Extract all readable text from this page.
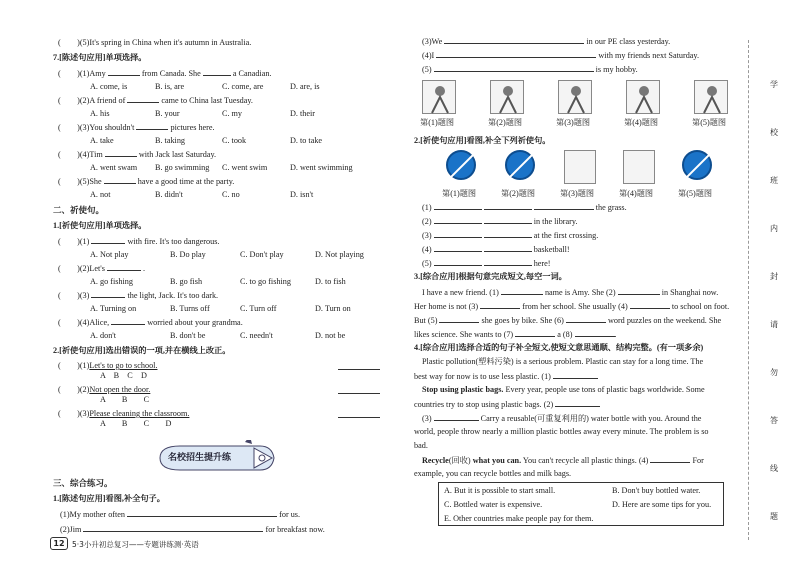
(　　)(5)It's spring in China when it's autumn in Australia.
7.[陈述句应用]单项选择。
(　　)(1)Amy	from Canada. She	a Canadian.
A. come, is	B. is, are	C. come, are	D. are, is
(　　)(2)A friend of	came to China last Tuesday.
A. his	B. your	C. my	D. their
(　　)(3)You shouldn't	pictures here.
A. take	B. taking	C. took	D. to take
(　　)(4)Tim	with Jack last Saturday.
A. went swam B. go swimming C. went swim	D. went swimming
(　　)(5)She	have a good time at the party.
A. not	B. didn't	C. no	D. isn't
二、祈使句。
1.[祈使句应用]单项选择。
(　　)(1)	with fire. It's too dangerous.
A. Not play	B. Do play	C. Don't play	D. Not playing
(　　)(2)Let's	.
A. go fishing	B. go fish	C. to go fishing	D. to fish
(　　)(3)	the light, Jack. It's too dark.
A. Turning on	B. Turns off	C. Turn off	D. Turn on
(　　)(4)Alice,	worried about your grandma.
A. don't	B. don't be	C. needn't	D. not be
2.[祈使句应用]选出错误的一项,并在横线上改正。
(　　)(1)Let's to go to school.
A　B　C　D
(　　)(2)Not open the door.
A　　B　　C
(　　)(3)Please cleaning the classroom.
A　　B　　C　　D
名校招生提升练
三、综合练习。
1.[陈述句应用]看图,补全句子。
(1)My mother often	for us.
(2)Jim	for breakfast now.
12 5·3小升初总复习——专题讲练测·英语
(3)We	in our PE class yesterday.
(4)I	with my friends next Saturday.
(5)	is my hobby.
第(1)题图	第(2)题图	第(3)题图	第(4)题图	第(5)题图
2.[祈使句应用]看图,补全下列祈使句。
第(1)题图	第(2)题图	第(3)题图	第(4)题图	第(5)题图
(1)	the grass.
(2)	in the library.
(3)	at the first crossing.
(4)	basketball!
(5)	here!
3.[综合应用]根据句意完成短文,每空一词。
I have a new friend. (1)	name is Amy. She (2)	in Shanghai now.
Her home is not (3)	from her school. She usually (4)	to school on foot.
But (5)	she goes by bike. She (6)	word puzzles on the weekend. She
likes science. She wants to (7)	a (8)	.
4.[综合应用]选择合适的句子补全短文,使短文意思通顺、结构完整。(有一项多余)
Plastic pollution(塑料污染) is a serious problem. Plastic can stay for a long time. The
best way for now is to use less plastic. (1)
Stop using plastic bags. Every year, people use tons of plastic bags worldwide. Some
countries try to stop using plastic bags. (2)
(3)	Carry a reusable(可重复利用的) water bottle with you. Around the
world, people throw nearly a million plastic bottles away every minute. The problem is so
bad.
Recycle(回收) what you can. You can't recycle all plastic things. (4)	For
example, you can recycle bottles and milk bags.
A. But it is possible to start small.	B. Don't buy bottled water.
C. Bottled water is expensive.	D. Here are some tips for you.
E. Other countries make people pay for them.
学
校
班
内
封
请
勿
答
线
题
